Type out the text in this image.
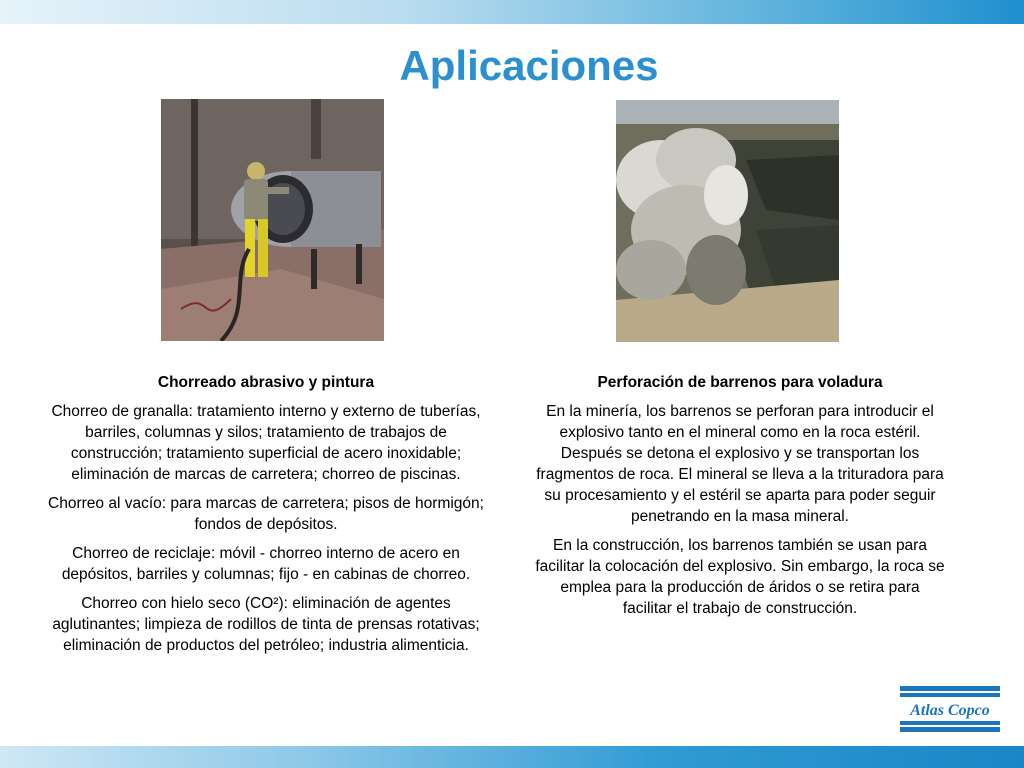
Aplicaciones
Chorreado abrasivo y pintura

Chorreo de granalla: tratamiento interno y externo de tuberías, barriles, columnas y silos; tratamiento de trabajos de construcción; tratamiento superficial de acero inoxidable; eliminación de marcas de carretera; chorreo de piscinas.

Chorreo al vacío: para marcas de carretera; pisos de hormigón; fondos de depósitos.

Chorreo de reciclaje: móvil - chorreo interno de acero en depósitos, barriles y columnas; fijo - en cabinas de chorreo.

Chorreo con hielo seco (CO²): eliminación de agentes aglutinantes; limpieza de rodillos de tinta de prensas rotativas; eliminación de productos del petróleo; industria alimenticia.

Perforación de barrenos para voladura

En la minería, los barrenos se perforan para introducir el explosivo tanto en el mineral como en la roca estéril. Después se detona el explosivo y se transportan los fragmentos de roca. El mineral se lleva a la trituradora para su procesamiento y el estéril se aparta para poder seguir penetrando en la masa mineral.

En la construcción, los barrenos también se usan para facilitar la colocación del explosivo. Sin embargo, la roca se emplea para la producción de áridos o se retira para facilitar el trabajo de construcción.

Atlas Copco
